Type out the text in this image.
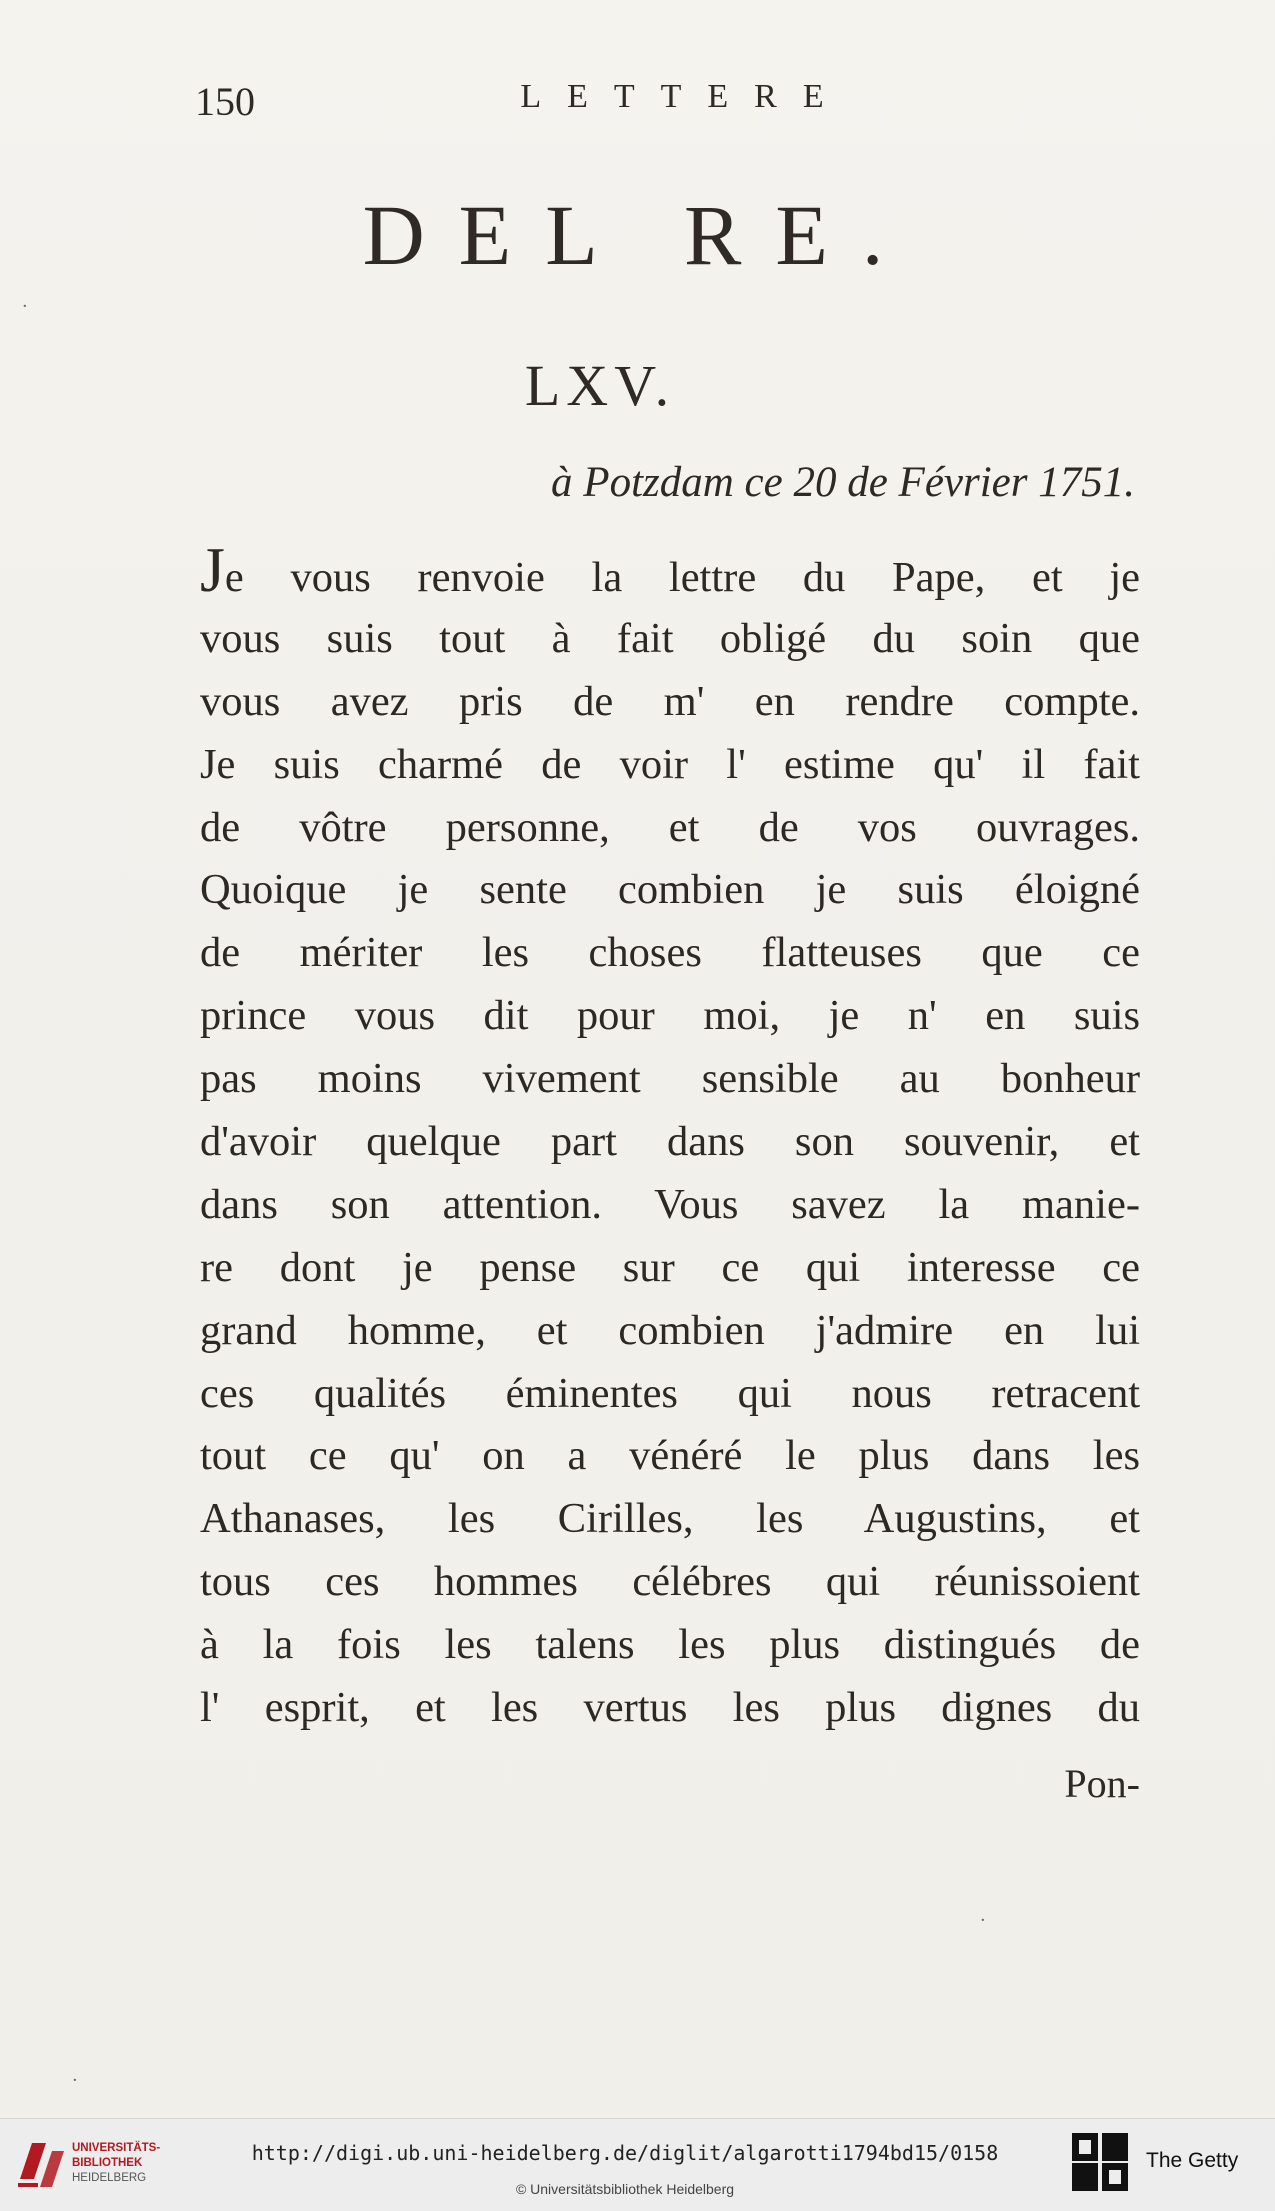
150	LETTERE
DEL RE.
LXV.
à Potzdam ce 20 de Février 1751.
Je vous renvoie la lettre du Pape, et je
vous suis tout à fait obligé du soin que
vous avez pris de m' en rendre compte.
Je suis charmé de voir l' estime qu' il fait
de vôtre personne, et de vos ouvrages.
Quoique je sente combien je suis éloigné
de mériter les choses flatteuses que ce
prince vous dit pour moi, je n' en suis
pas moins vivement sensible au bonheur
d'avoir quelque part dans son souvenir, et
dans son attention. Vous savez la manie-
re dont je pense sur ce qui interesse ce
grand homme, et combien j'admire en lui
ces qualités éminentes qui nous retracent
tout ce qu' on a vénéré le plus dans les
Athanases, les Cirilles, les Augustins, et
tous ces hommes célébres qui réunissoient
à la fois les talens les plus distingués de
l' esprit, et les vertus les plus dignes du
Pon-
·
·
·
UNIVERSITÄTS-
BIBLIOTHEK
HEIDELBERG
http://digi.ub.uni-heidelberg.de/diglit/algarotti1794bd15/0158
© Universitätsbibliothek Heidelberg
The Getty
